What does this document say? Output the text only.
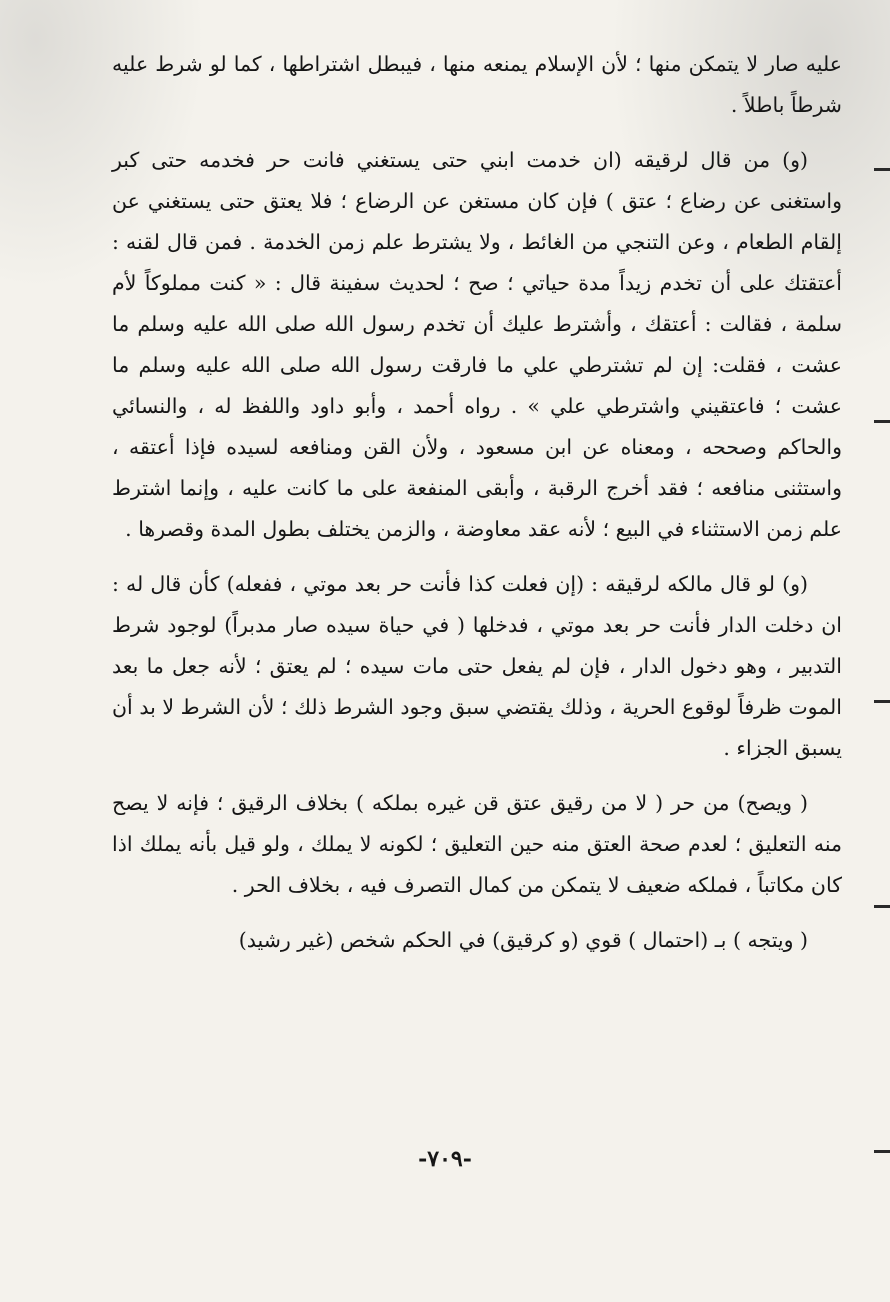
عليه صار لا يتمكن منها ؛ لأن الإسلام يمنعه منها ، فيبطل اشتراطها ، كما لو شرط عليه شرطاً باطلاً .

(و) من قال لرقيقه (ان خدمت ابني حتى يستغني فانت حر فخدمه حتى كبر واستغنى عن رضاع ؛ عتق ) فإن كان مستغن عن الرضاع ؛ فلا يعتق حتى يستغني عن إلقام الطعام ، وعن التنجي من الغائط ، ولا يشترط علم زمن الخدمة . فمن قال لقنه : أعتقتك على أن تخدم زيداً مدة حياتي ؛ صح ؛ لحديث سفينة قال : « كنت مملوكاً لأم سلمة ، فقالت : أعتقك ، وأشترط عليك أن تخدم رسول الله صلى الله عليه وسلم ما عشت ، فقلت: إن لم تشترطي علي ما فارقت رسول الله صلى الله عليه وسلم ما عشت ؛ فاعتقيني واشترطي علي » . رواه أحمد ، وأبو داود واللفظ له ، والنسائي والحاكم وصححه ، ومعناه عن ابن مسعود ، ولأن القن ومنافعه لسيده فإذا أعتقه ، واستثنى منافعه ؛ فقد أخرج الرقبة ، وأبقى المنفعة على ما كانت عليه ، وإنما اشترط علم زمن الاستثناء في البيع ؛ لأنه عقد معاوضة ، والزمن يختلف بطول المدة وقصرها .

(و) لو قال مالكه لرقيقه : (إن فعلت كذا فأنت حر بعد موتي ، ففعله) كأن قال له : ان دخلت الدار فأنت حر بعد موتي ، فدخلها ( في حياة سيده صار مدبراً) لوجود شرط التدبير ، وهو دخول الدار ، فإن لم يفعل حتى مات سيده ؛ لم يعتق ؛ لأنه جعل ما بعد الموت ظرفاً لوقوع الحرية ، وذلك يقتضي سبق وجود الشرط ذلك ؛ لأن الشرط لا بد أن يسبق الجزاء .

( ويصح) من حر ( لا من رقيق عتق قن غيره بملكه ) بخلاف الرقيق ؛ فإنه لا يصح منه التعليق ؛ لعدم صحة العتق منه حين التعليق ؛ لكونه لا يملك ، ولو قيل بأنه يملك اذا كان مكاتباً ، فملكه ضعيف لا يتمكن من كمال التصرف فيه ، بخلاف الحر .

( ويتجه ) بـ (احتمال ) قوي (و كرقيق) في الحكم شخص (غير رشيد)

-٧٠٩-
